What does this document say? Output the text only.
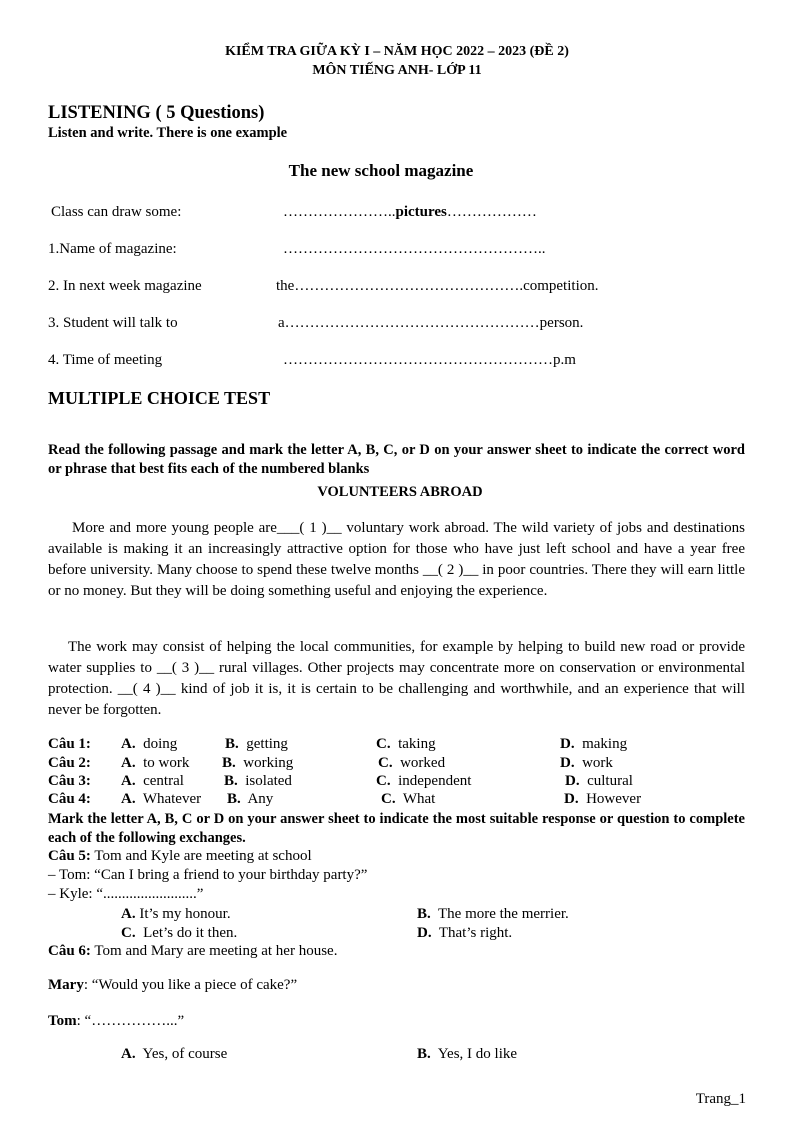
KIỂM TRA GIỮA KỲ I – NĂM HỌC 2022 – 2023 (ĐỀ 2)
MÔN TIẾNG ANH- LỚP 11
LISTENING ( 5 Questions)
Listen and write. There is one example
The new school magazine
Class can draw some:	…………………..pictures………………
1.Name of magazine:	……………………………………………..
2. In next week magazine	the……………………………………….competition.
3. Student will talk to	a……………………………………………person.
4. Time of meeting	………………………………………………p.m
MULTIPLE CHOICE TEST
Read the following passage and mark the letter A, B, C, or D on your answer sheet to indicate the correct word or phrase that best fits each of the numbered blanks
VOLUNTEERS ABROAD
More and more young people are___( 1 )__ voluntary work abroad. The wild variety of jobs and destinations available is making it an increasingly attractive option for those who have just left school and have a year free before university. Many choose to spend these twelve months __( 2 )__ in poor countries. There they will earn little or no money. But they will be doing something useful and enjoying the experience.
The work may consist of helping the local communities, for example by helping to build new road or provide water supplies to __( 3 )__ rural villages. Other projects may concentrate more on conservation or environmental protection. __( 4 )__ kind of job it is, it is certain to be challenging and worthwhile, and an experience that will never be forgotten.
Câu 1: A. doing	B. getting	C. taking	D. making
Câu 2: A. to work B. working	C. worked	D. work
Câu 3: A. central	B. isolated	C. independent	D. cultural
Câu 4: A. Whatever B. Any	C. What	D. However
Mark the letter A, B, C or D on your answer sheet to indicate the most suitable response or question to complete each of the following exchanges.
Câu 5: Tom and Kyle are meeting at school
– Tom: “Can I bring a friend to your birthday party?”
– Kyle: “.........................”
A. It’s my honour.	B. The more the merrier.
C. Let’s do it then.	D. That’s right.
Câu 6: Tom and Mary are meeting at her house.
Mary: “Would you like a piece of cake?”
Tom: “……………...”
A. Yes, of course	B. Yes, I do like
Trang_1
